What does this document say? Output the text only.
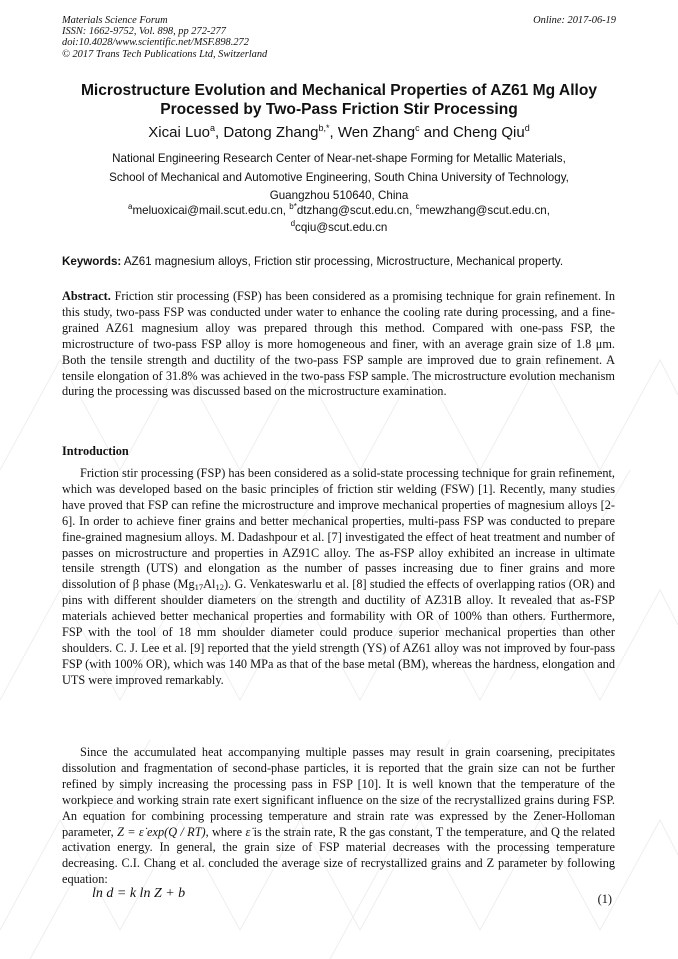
Materials Science Forum
ISSN: 1662-9752, Vol. 898, pp 272-277
doi:10.4028/www.scientific.net/MSF.898.272
© 2017 Trans Tech Publications Ltd, Switzerland
Online: 2017-06-19
Microstructure Evolution and Mechanical Properties of AZ61 Mg Alloy Processed by Two-Pass Friction Stir Processing
Xicai Luo$^a$, Datong Zhang$^{b,*}$, Wen Zhang$^c$ and Cheng Qiu$^d$
National Engineering Research Center of Near-net-shape Forming for Metallic Materials,
School of Mechanical and Automotive Engineering, South China University of Technology,
Guangzhou 510640, China
$^a$meluoxicai@mail.scut.edu.cn, $^{b*}$dtzhang@scut.edu.cn, $^c$mewzhang@scut.edu.cn,
$^d$cqiu@scut.edu.cn
Keywords: AZ61 magnesium alloys, Friction stir processing, Microstructure, Mechanical property.

Abstract. Friction stir processing (FSP) has been considered as a promising technique for grain refinement. In this study, two-pass FSP was conducted under water to enhance the cooling rate during processing, and a fine-grained AZ61 magnesium alloy was prepared through this method. Compared with one-pass FSP, the microstructure of two-pass FSP alloy is more homogeneous and finer, with an average grain size of 1.8 μm. Both the tensile strength and ductility of the two-pass FSP sample are improved due to grain refinement. A tensile elongation of 31.8% was achieved in the two-pass FSP sample. The microstructure evolution mechanism during the processing was discussed based on the microstructure examination.

Introduction

Friction stir processing (FSP) has been considered as a solid-state processing technique for grain refinement, which was developed based on the basic principles of friction stir welding (FSW) [1]. Recently, many studies have proved that FSP can refine the microstructure and improve mechanical properties of magnesium alloys [2-6]. In order to achieve finer grains and better mechanical properties, multi-pass FSP was conducted to prepare fine-grained magnesium alloys. M. Dadashpour et al. [7] investigated the effect of heat treatment and number of passes on microstructure and properties in AZ91C alloy. The as-FSP alloy exhibited an increase in ultimate tensile strength (UTS) and elongation as the number of passes increasing due to finer grains and more dissolution of β phase $(Mg_{17}Al_{12})$. G. Venkateswarlu et al. [8] studied the effects of overlapping ratios (OR) and pins with different shoulder diameters on the strength and ductility of AZ31B alloy. It revealed that as-FSP materials achieved better mechanical properties and formability with OR of 100% than others. Furthermore, FSP with the tool of 18 mm shoulder diameter could produce superior mechanical properties than other shoulders. C. J. Lee et al. [9] reported that the yield strength (YS) of AZ61 alloy was not improved by four-pass FSP (with 100% OR), which was 140 MPa as that of the base metal (BM), whereas the hardness, elongation and UTS were improved remarkably.

Since the accumulated heat accompanying multiple passes may result in grain coarsening, precipitates dissolution and fragmentation of second-phase particles, it is reported that the grain size can not be further refined by simply increasing the processing pass in FSP [10]. It is well known that the temperature of the workpiece and working strain rate exert significant influence on the size of the recrystallized grains during FSP. An equation for combining processing temperature and strain rate was expressed by the Zener-Holloman parameter, Z = ε̇ exp(Q / RT), where ε̇ is the strain rate, R the gas constant, T the temperature, and Q the related activation energy. In general, the grain size of FSP material decreases with the processing temperature decreasing. C.I. Chang et al. concluded the average size of recrystallized grains and Z parameter by following equation:

ln d = k ln Z + b	(1)
